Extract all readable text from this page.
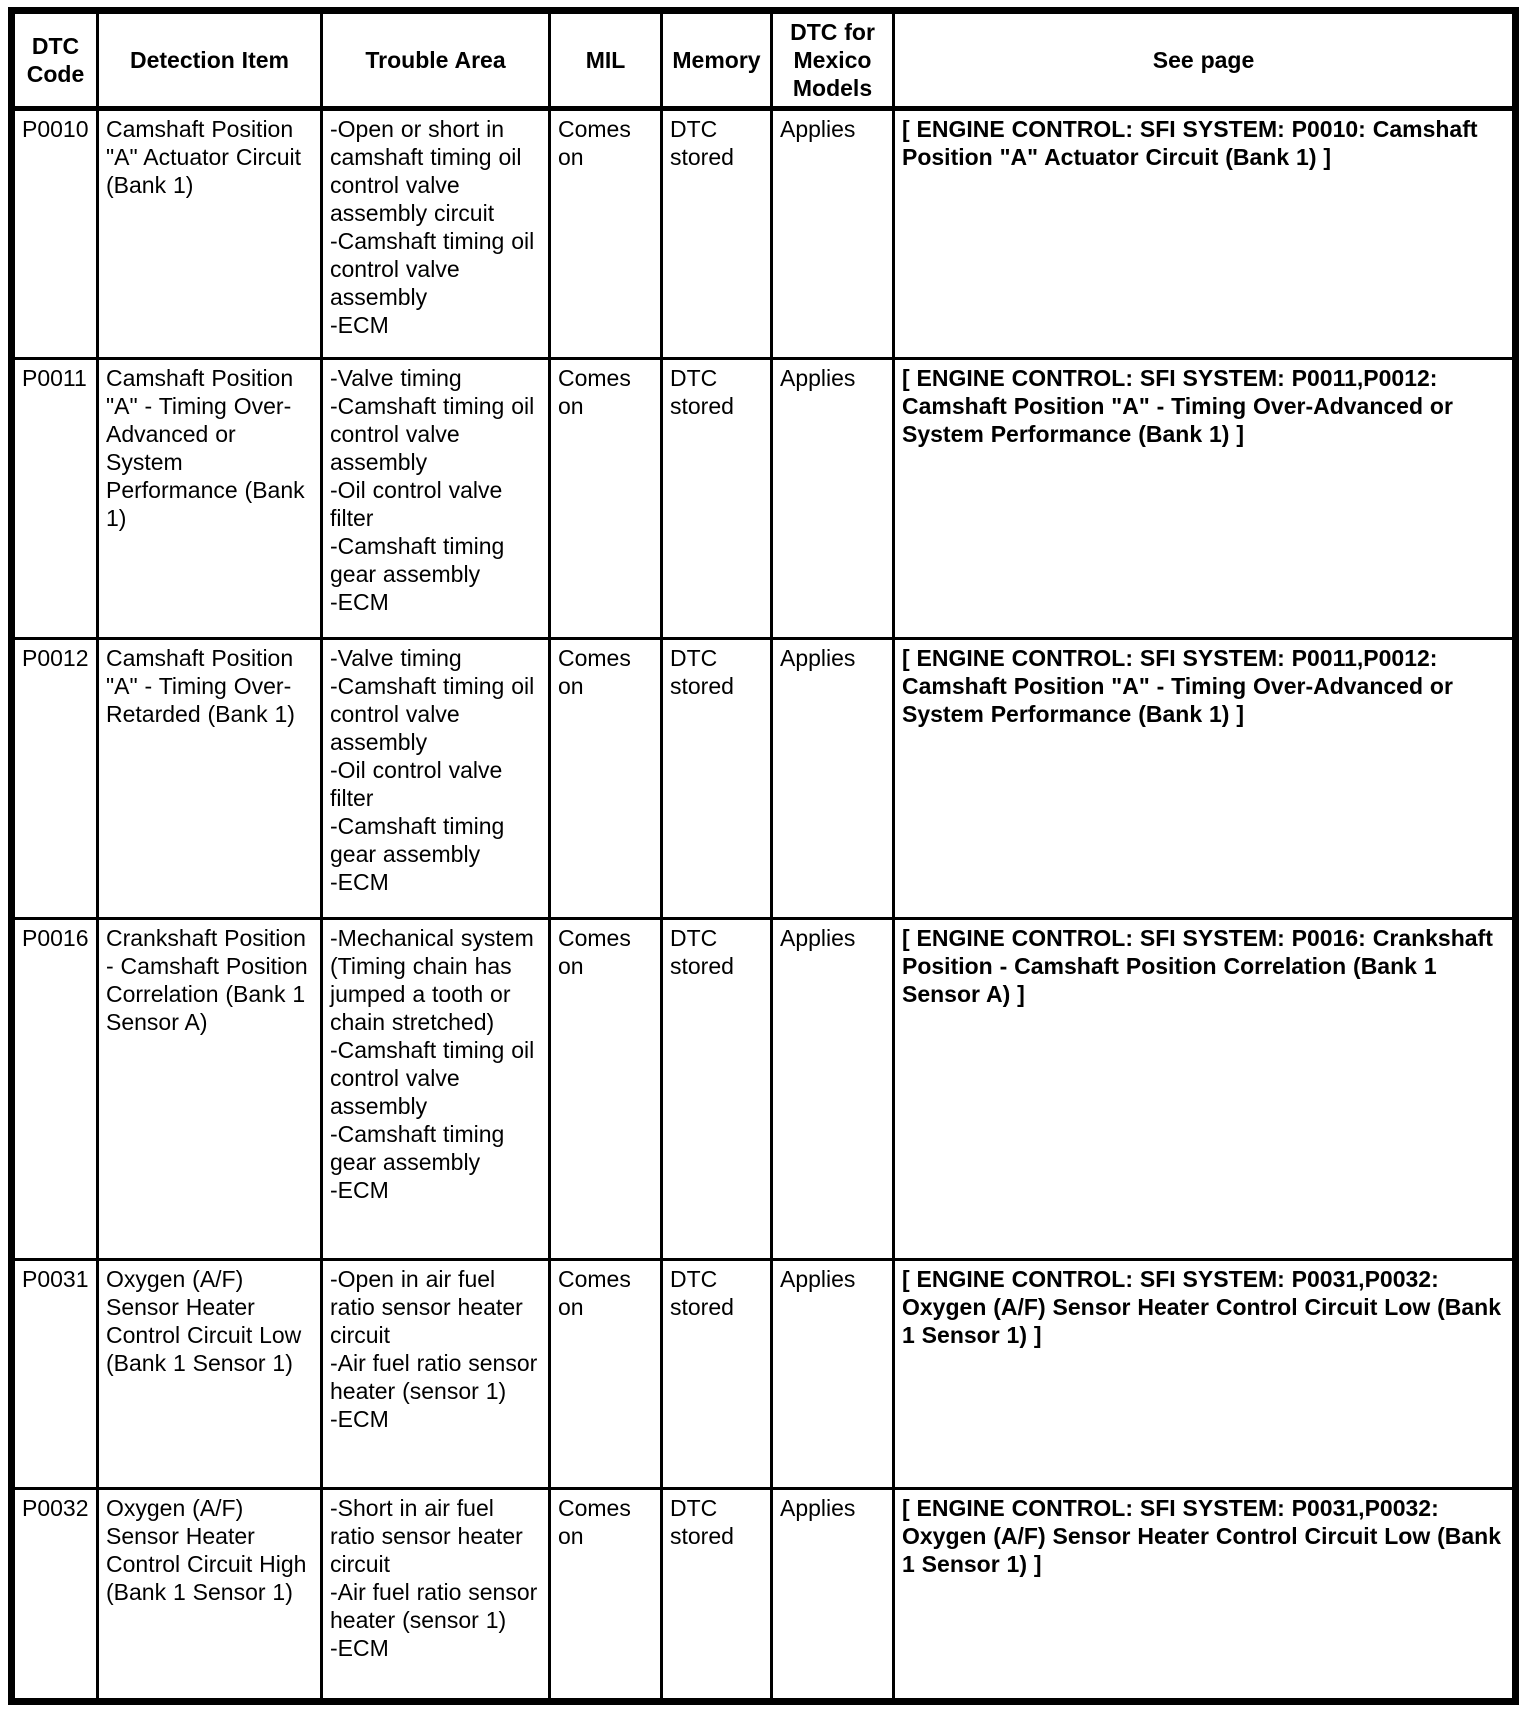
DTC Code	Detection Item	Trouble Area	MIL	Memory	DTC for Mexico Models	See page
P0010	Camshaft Position "A" Actuator Circuit (Bank 1)	-Open or short in camshaft timing oil control valve assembly circuit
-Camshaft timing oil control valve assembly
-ECM	Comes on	DTC stored	Applies	[ ENGINE CONTROL: SFI SYSTEM: P0010: Camshaft Position "A" Actuator Circuit (Bank 1) ]
P0011	Camshaft Position "A" - Timing Over-Advanced or System Performance (Bank 1)	-Valve timing
-Camshaft timing oil control valve assembly
-Oil control valve filter
-Camshaft timing gear assembly
-ECM	Comes on	DTC stored	Applies	[ ENGINE CONTROL: SFI SYSTEM: P0011,P0012: Camshaft Position "A" - Timing Over-Advanced or System Performance (Bank 1) ]
P0012	Camshaft Position "A" - Timing Over-Retarded (Bank 1)	-Valve timing
-Camshaft timing oil control valve assembly
-Oil control valve filter
-Camshaft timing gear assembly
-ECM	Comes on	DTC stored	Applies	[ ENGINE CONTROL: SFI SYSTEM: P0011,P0012: Camshaft Position "A" - Timing Over-Advanced or System Performance (Bank 1) ]
P0016	Crankshaft Position - Camshaft Position Correlation (Bank 1 Sensor A)	-Mechanical system (Timing chain has jumped a tooth or chain stretched)
-Camshaft timing oil control valve assembly
-Camshaft timing gear assembly
-ECM	Comes on	DTC stored	Applies	[ ENGINE CONTROL: SFI SYSTEM: P0016: Crankshaft Position - Camshaft Position Correlation (Bank 1 Sensor A) ]
P0031	Oxygen (A/F) Sensor Heater Control Circuit Low (Bank 1 Sensor 1)	-Open in air fuel ratio sensor heater circuit
-Air fuel ratio sensor heater (sensor 1)
-ECM	Comes on	DTC stored	Applies	[ ENGINE CONTROL: SFI SYSTEM: P0031,P0032: Oxygen (A/F) Sensor Heater Control Circuit Low (Bank 1 Sensor 1) ]
P0032	Oxygen (A/F) Sensor Heater Control Circuit High (Bank 1 Sensor 1)	-Short in air fuel ratio sensor heater circuit
-Air fuel ratio sensor heater (sensor 1)
-ECM	Comes on	DTC stored	Applies	[ ENGINE CONTROL: SFI SYSTEM: P0031,P0032: Oxygen (A/F) Sensor Heater Control Circuit Low (Bank 1 Sensor 1) ]
